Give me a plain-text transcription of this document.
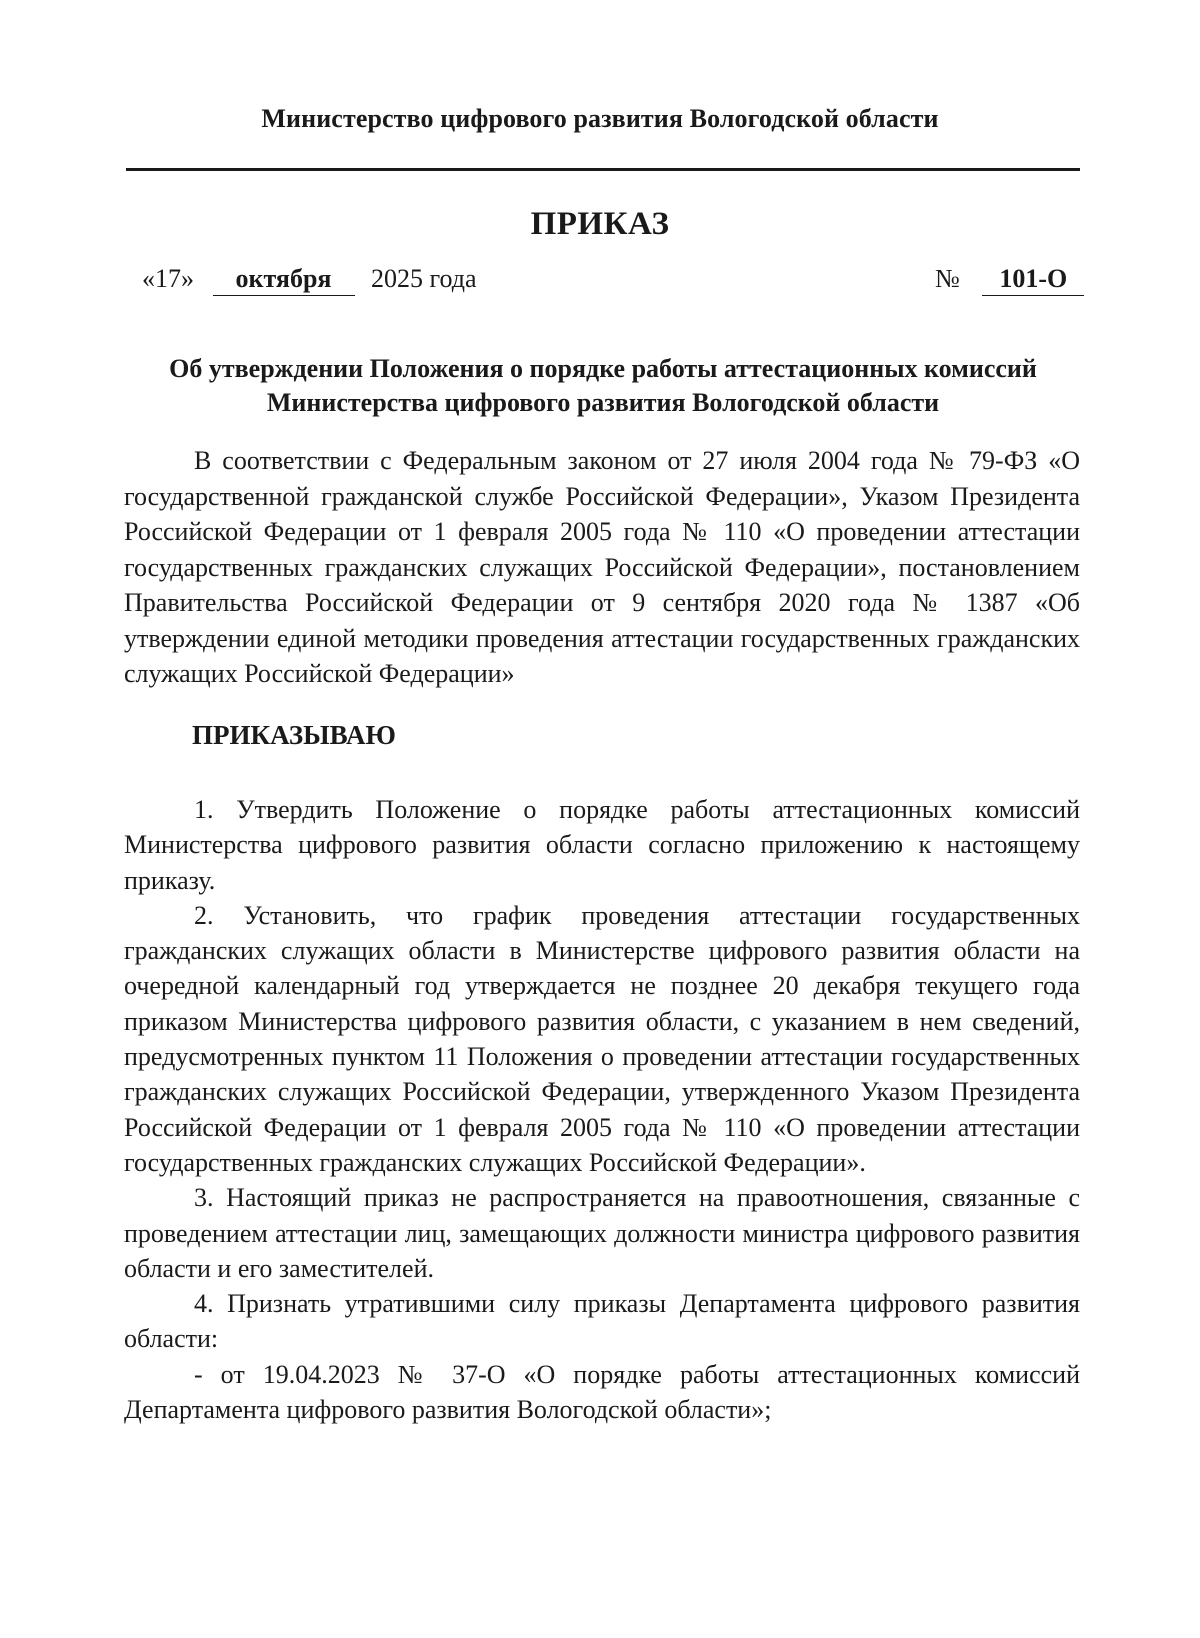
Министерство цифрового развития Вологодской области
ПРИКАЗ
«17» октября 2025 года	№ 101-О
Об утверждении Положения о порядке работы аттестационных комиссий
Министерства цифрового развития Вологодской области

В соответствии с Федеральным законом от 27 июля 2004 года № 79-ФЗ «О государственной гражданской службе Российской Федерации», Указом Президента Российской Федерации от 1 февраля 2005 года № 110 «О проведении аттестации государственных гражданских служащих Российской Федерации», постановлением Правительства Российской Федерации от 9 сентября 2020 года № 1387 «Об утверждении единой методики проведения аттестации государственных гражданских служащих Российской Федерации»

ПРИКАЗЫВАЮ

1. Утвердить Положение о порядке работы аттестационных комиссий Министерства цифрового развития области согласно приложению к настоящему приказу.

2. Установить, что график проведения аттестации государственных гражданских служащих области в Министерстве цифрового развития области на очередной календарный год утверждается не позднее 20 декабря текущего года приказом Министерства цифрового развития области, с указанием в нем сведений, предусмотренных пунктом 11 Положения о проведении аттестации государственных гражданских служащих Российской Федерации, утвержденного Указом Президента Российской Федерации от 1 февраля 2005 года № 110 «О проведении аттестации государственных гражданских служащих Российской Федерации».

3. Настоящий приказ не распространяется на правоотношения, связанные с проведением аттестации лиц, замещающих должности министра цифрового развития области и его заместителей.

4. Признать утратившими силу приказы Департамента цифрового развития области:

- от 19.04.2023 № 37-О «О порядке работы аттестационных комиссий Департамента цифрового развития Вологодской области»;
